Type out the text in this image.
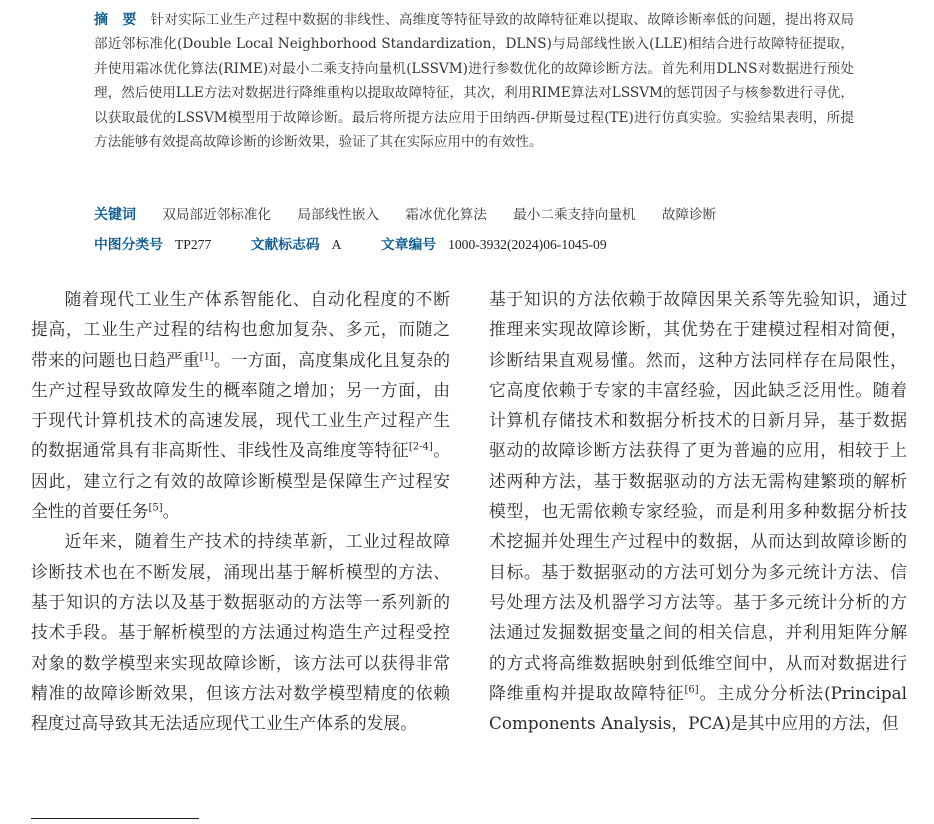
摘　要　 针对实际工业生产过程中数据的非线性、高维度等特征导致的故障特征难以提取、故障诊断率低的问题，提出将双局部近邻标准化(Double Local Neighborhood Standardization，DLNS)与局部线性嵌入(LLE)相结合进行故障特征提取，并使用霜冰优化算法(RIME)对最小二乘支持向量机(LSSVM)进行参数优化的故障诊断方法。首先利用DLNS对数据进行预处理，然后使用LLE方法对数据进行降维重构以提取故障特征，其次，利用RIME算法对LSSVM的惩罚因子与核参数进行寻优，以获取最优的LSSVM模型用于故障诊断。最后将所提方法应用于田纳西-伊斯曼过程(TE)进行仿真实验。实验结果表明，所提方法能够有效提高故障诊断的诊断效果，验证了其在实际应用中的有效性。
关键词 双局部近邻标准化 局部线性嵌入 霜冰优化算法 最小二乘支持向量机 故障诊断
中图分类号 TP277	文献标志码 A	文章编号 1000-3932(2024)06-1045-09

随着现代工业生产体系智能化、自动化程度的不断提高，工业生产过程的结构也愈加复杂、多元，而随之带来的问题也日趋严重[1]。一方面，高度集成化且复杂的生产过程导致故障发生的概率随之增加；另一方面，由于现代计算机技术的高速发展，现代工业生产过程产生的数据通常具有非高斯性、非线性及高维度等特征[2-4]。因此，建立行之有效的故障诊断模型是保障生产过程安全性的首要任务[5]。

近年来，随着生产技术的持续革新，工业过程故障诊断技术也在不断发展，涌现出基于解析模型的方法、基于知识的方法以及基于数据驱动的方法等一系列新的技术手段。基于解析模型的方法通过构造生产过程受控对象的数学模型来实现故障诊断，该方法可以获得非常精准的故障诊断效果，但该方法对数学模型精度的依赖程度过高导致其无法适应现代工业生产体系的发展。

基于知识的方法依赖于故障因果关系等先验知识，通过推理来实现故障诊断，其优势在于建模过程相对简便，诊断结果直观易懂。然而，这种方法同样存在局限性，它高度依赖于专家的丰富经验，因此缺乏泛用性。随着计算机存储技术和数据分析技术的日新月异，基于数据驱动的故障诊断方法获得了更为普遍的应用，相较于上述两种方法，基于数据驱动的方法无需构建繁琐的解析模型，也无需依赖专家经验，而是利用多种数据分析技术挖掘并处理生产过程中的数据，从而达到故障诊断的目标。基于数据驱动的方法可划分为多元统计方法、信号处理方法及机器学习方法等。基于多元统计分析的方法通过发掘数据变量之间的相关信息，并利用矩阵分解的方式将高维数据映射到低维空间中，从而对数据进行降维重构并提取故障特征[6]。主成分分析法(Principal Components Analysis，PCA)是其中应用的方法，但
